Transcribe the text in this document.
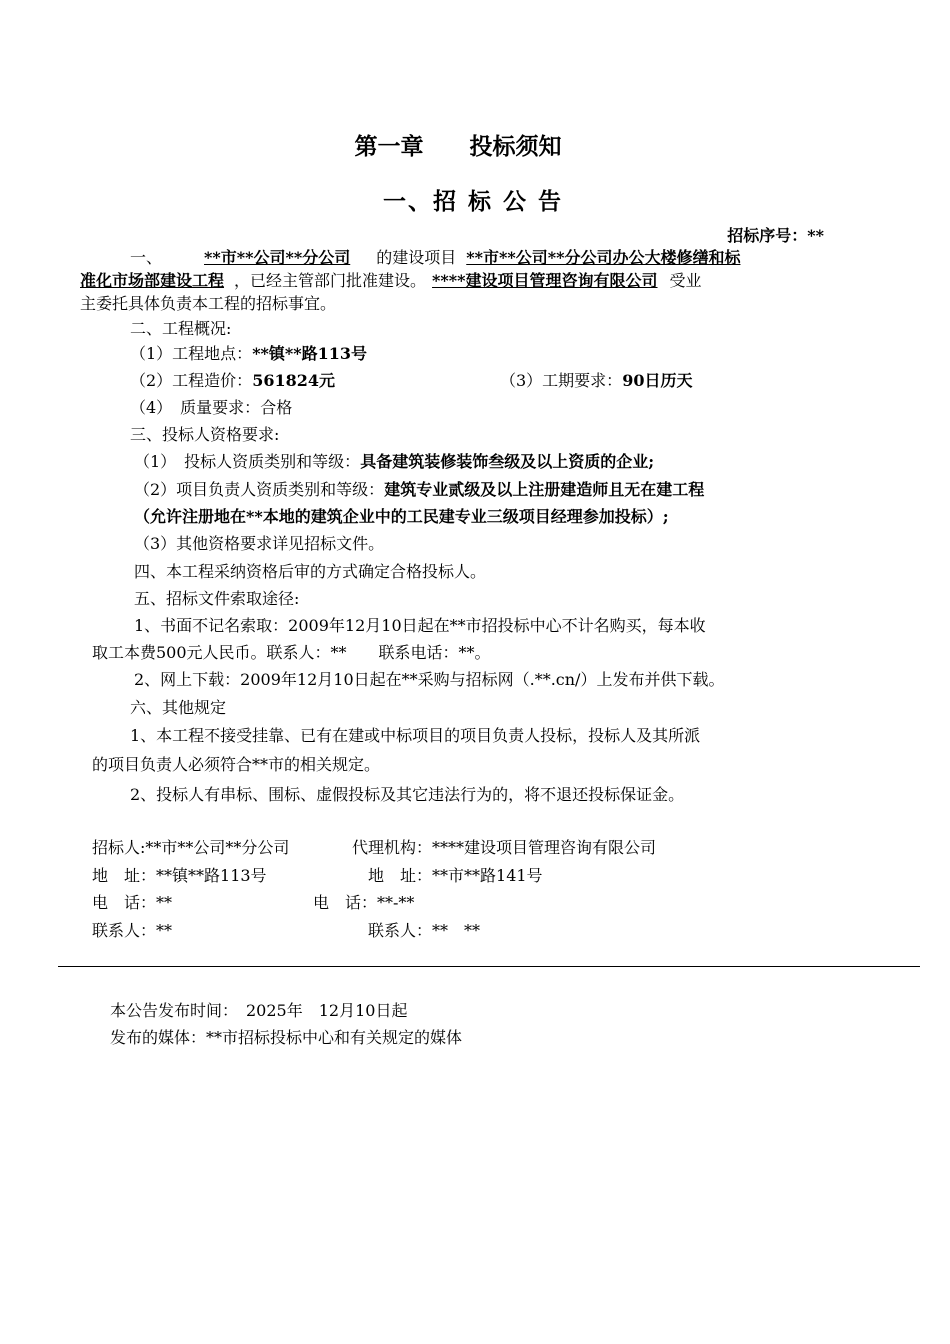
第一章　　投标须知
一、招 标 公 告
招标序号：**
一、	**市**公司**分公司 的建设项目 **市**公司**分公司办公大楼修缮和标
准化市场部建设工程 ，已经主管部门批准建设。 ****建设项目管理咨询有限公司 受业
主委托具体负责本工程的招标事宜。
二、工程概况:
（1）工程地点：**镇**路113号
（2）工程造价：561824元	（3）工期要求：90日历天
（4）　质量要求：合格
三、投标人资格要求:
（1）　投标人资质类别和等级：具备建筑装修装饰叁级及以上资质的企业;
（2）项目负责人资质类别和等级：建筑专业贰级及以上注册建造师且无在建工程
（允许注册地在**本地的建筑企业中的工民建专业三级项目经理参加投标）;
（3）其他资格要求详见招标文件。
四、本工程采纳资格后审的方式确定合格投标人。
五、招标文件索取途径:
1、书面不记名索取：2009年12月10日起在**市招投标中心不计名购买，每本收
取工本费500元人民币。联系人：**　　联系电话：**。
2、网上下载：2009年12月10日起在**采购与招标网（.**.cn/）上发布并供下载。
六、其他规定
1、本工程不接受挂靠、已有在建或中标项目的项目负责人投标，投标人及其所派
的项目负责人必须符合**市的相关规定。
2、投标人有串标、围标、虚假投标及其它违法行为的，将不退还投标保证金。
招标人:**市**公司**分公司	代理机构：****建设项目管理咨询有限公司
地　址：**镇**路113号	地　址：**市**路141号
电　话：**	电　话：**-**
联系人：**	联系人：**　**
本公告发布时间：　2025年　12月10日起
发布的媒体：**市招标投标中心和有关规定的媒体
